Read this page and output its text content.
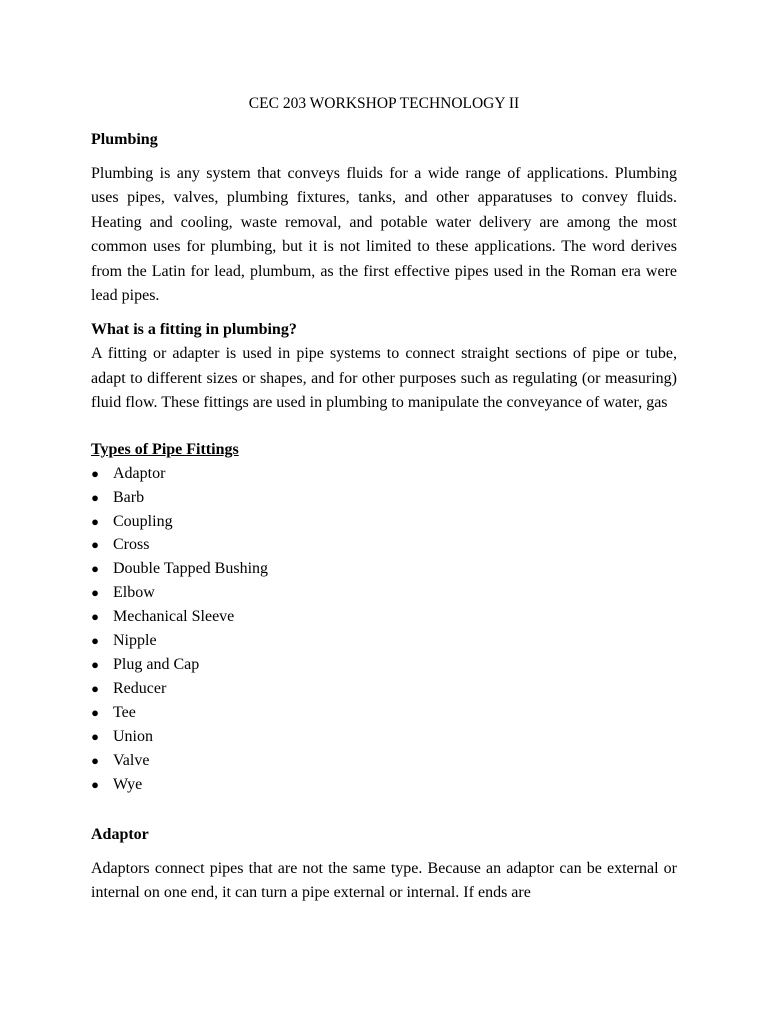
CEC 203 WORKSHOP TECHNOLOGY II

Plumbing

Plumbing is any system that conveys fluids for a wide range of applications. Plumbing uses pipes, valves, plumbing fixtures, tanks, and other apparatuses to convey fluids. Heating and cooling, waste removal, and potable water delivery are among the most common uses for plumbing, but it is not limited to these applications. The word derives from the Latin for lead, plumbum, as the first effective pipes used in the Roman era were lead pipes.

What is a fitting in plumbing?

A fitting or adapter is used in pipe systems to connect straight sections of pipe or tube, adapt to different sizes or shapes, and for other purposes such as regulating (or measuring) fluid flow. These fittings are used in plumbing to manipulate the conveyance of water, gas

Types of Pipe Fittings

● Adaptor
● Barb
● Coupling
● Cross
● Double Tapped Bushing
● Elbow
● Mechanical Sleeve
● Nipple
● Plug and Cap
● Reducer
● Tee
● Union
● Valve
● Wye

Adaptor

Adaptors connect pipes that are not the same type. Because an adaptor can be external or internal on one end, it can turn a pipe external or internal. If ends are
